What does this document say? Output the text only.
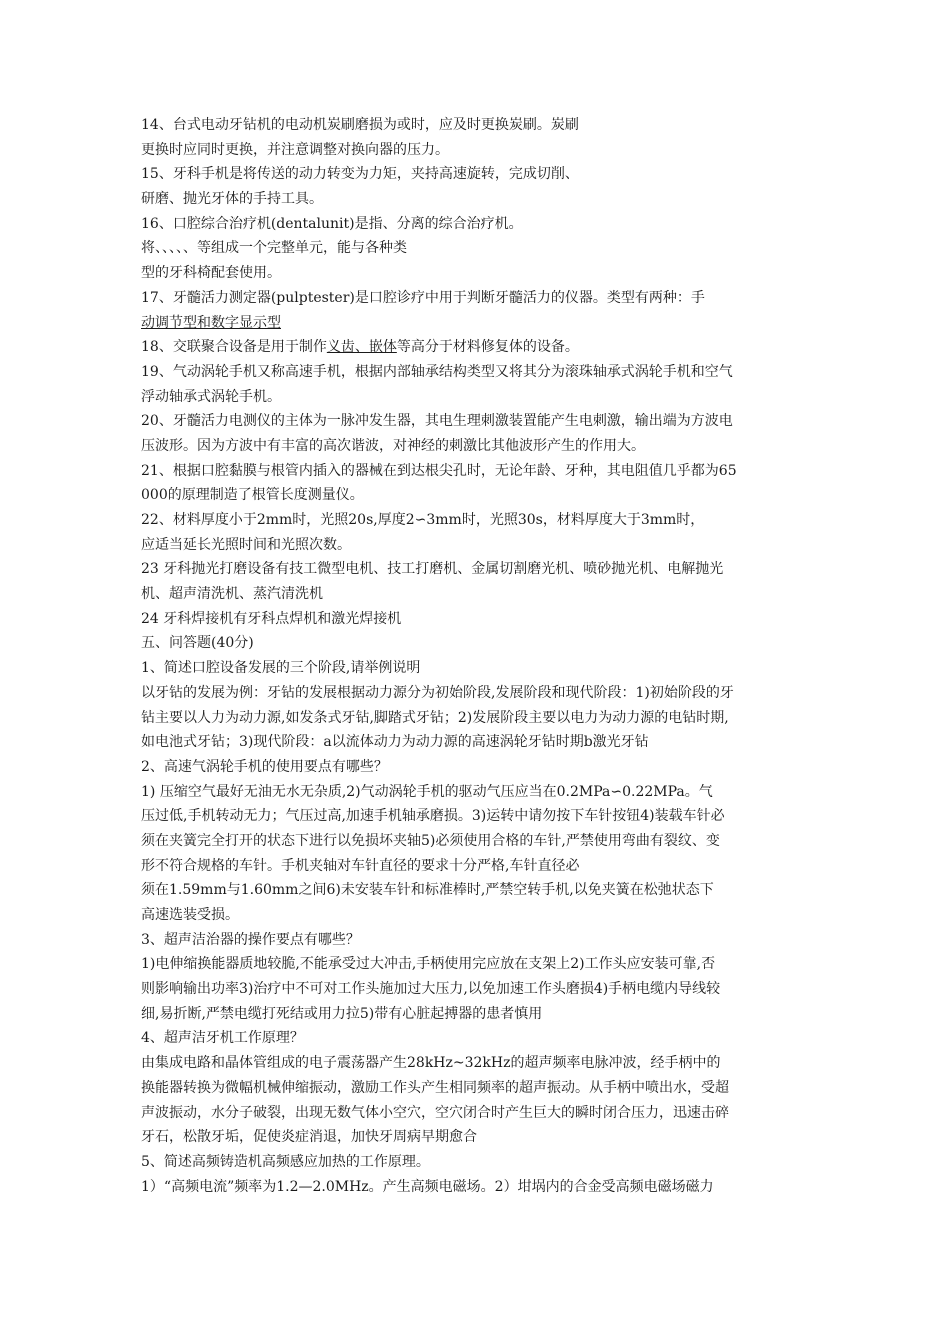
14、台式电动牙钻机的电动机炭刷磨损为或时，应及时更换炭刷。炭刷
更换时应同时更换，并注意调整对换向器的压力。
15、牙科手机是将传送的动力转变为力矩，夹持高速旋转，完成切削、
研磨、抛光牙体的手持工具。
16、口腔综合治疗机(dentalunit)是指、分离的综合治疗机。
将、、、、、等组成一个完整单元，能与各种类
型的牙科椅配套使用。
17、牙髓活力测定器(pulptester)是口腔诊疗中用于判断牙髓活力的仪器。类型有两种：手
动调节型和数字显示型
18、交联聚合设备是用于制作义齿、嵌体等高分于材料修复体的设备。
19、气动涡轮手机又称高速手机，根据内部轴承结构类型又将其分为滚珠轴承式涡轮手机和空气
浮动轴承式涡轮手机。
20、牙髓活力电测仪的主体为一脉冲发生器，其电生理刺激装置能产生电刺激，输出端为方波电
压波形。因为方波中有丰富的高次谐波，对神经的刺激比其他波形产生的作用大。
21、根据口腔黏膜与根管内插入的器械在到达根尖孔时，无论年龄、牙种，其电阻值几乎都为65
000的原理制造了根管长度测量仪。
22、材料厚度小于2mm时，光照20s,厚度2∽3mm时，光照30s，材料厚度大于3mm时，
应适当延长光照时间和光照次数。
23 牙科抛光打磨设备有技工微型电机、技工打磨机、金属切割磨光机、喷砂抛光机、电解抛光
机、超声清洗机、蒸汽清洗机
24 牙科焊接机有牙科点焊机和激光焊接机
五、问答题(40分)
1、简述口腔设备发展的三个阶段,请举例说明
以牙钻的发展为例：牙钻的发展根据动力源分为初始阶段,发展阶段和现代阶段：1)初始阶段的牙
钻主要以人力为动力源,如发条式牙钻,脚踏式牙钻；2)发展阶段主要以电力为动力源的电钻时期,
如电池式牙钻；3)现代阶段：a以流体动力为动力源的高速涡轮牙钻时期b激光牙钻
2、高速气涡轮手机的使用要点有哪些？
1) 压缩空气最好无油无水无杂质,2)气动涡轮手机的驱动气压应当在0.2MPa∽0.22MPa。气
压过低,手机转动无力；气压过高,加速手机轴承磨损。3)运转中请勿按下车针按钮4)装载车针必
须在夹簧完全打开的状态下进行以免损坏夹轴5)必须使用合格的车针,严禁使用弯曲有裂纹、变
形不符合规格的车针。手机夹轴对车针直径的要求十分严格,车针直径必
须在1.59mm与1.60mm之间6)未安装车针和标准棒时,严禁空转手机,以免夹簧在松弛状态下
高速选装受损。
3、超声洁治器的操作要点有哪些？
1)电伸缩换能器质地较脆,不能承受过大冲击,手柄使用完应放在支架上2)工作头应安装可靠,否
则影响输出功率3)治疗中不可对工作头施加过大压力,以免加速工作头磨损4)手柄电缆内导线较
细,易折断,严禁电缆打死结或用力拉5)带有心脏起搏器的患者慎用
4、超声洁牙机工作原理？
由集成电路和晶体管组成的电子震荡器产生28kHz~32kHz的超声频率电脉冲波，经手柄中的
换能器转换为微幅机械伸缩振动，激励工作头产生相同频率的超声振动。从手柄中喷出水，受超
声波振动，水分子破裂，出现无数气体小空穴，空穴闭合时产生巨大的瞬时闭合压力，迅速击碎
牙石，松散牙垢，促使炎症消退，加快牙周病早期愈合
5、简述高频铸造机高频感应加热的工作原理。
1）“高频电流”频率为1.2—2.0MHz。产生高频电磁场。2）坩埚内的合金受高频电磁场磁力
